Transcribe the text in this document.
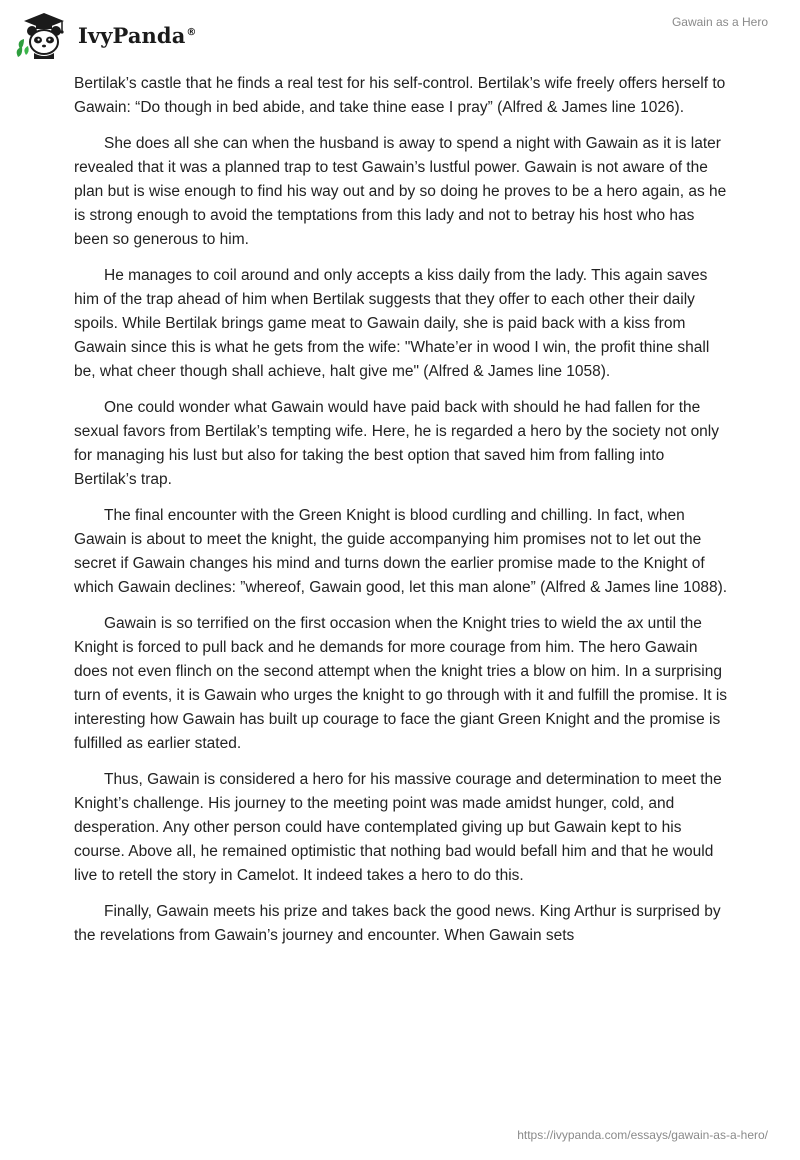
IvyPanda®
Gawain as a Hero

Bertilak’s castle that he finds a real test for his self-control. Bertilak’s wife freely offers herself to Gawain: “Do though in bed abide, and take thine ease I pray” (Alfred & James line 1026).

She does all she can when the husband is away to spend a night with Gawain as it is later revealed that it was a planned trap to test Gawain’s lustful power. Gawain is not aware of the plan but is wise enough to find his way out and by so doing he proves to be a hero again, as he is strong enough to avoid the temptations from this lady and not to betray his host who has been so generous to him.

He manages to coil around and only accepts a kiss daily from the lady. This again saves him of the trap ahead of him when Bertilak suggests that they offer to each other their daily spoils. While Bertilak brings game meat to Gawain daily, she is paid back with a kiss from Gawain since this is what he gets from the wife: "Whate’er in wood I win, the profit thine shall be, what cheer though shall achieve, halt give me" (Alfred & James line 1058).

One could wonder what Gawain would have paid back with should he had fallen for the sexual favors from Bertilak’s tempting wife. Here, he is regarded a hero by the society not only for managing his lust but also for taking the best option that saved him from falling into Bertilak’s trap.

The final encounter with the Green Knight is blood curdling and chilling. In fact, when Gawain is about to meet the knight, the guide accompanying him promises not to let out the secret if Gawain changes his mind and turns down the earlier promise made to the Knight of which Gawain declines: ”whereof, Gawain good, let this man alone” (Alfred & James line 1088).

Gawain is so terrified on the first occasion when the Knight tries to wield the ax until the Knight is forced to pull back and he demands for more courage from him. The hero Gawain does not even flinch on the second attempt when the knight tries a blow on him. In a surprising turn of events, it is Gawain who urges the knight to go through with it and fulfill the promise. It is interesting how Gawain has built up courage to face the giant Green Knight and the promise is fulfilled as earlier stated.

Thus, Gawain is considered a hero for his massive courage and determination to meet the Knight’s challenge. His journey to the meeting point was made amidst hunger, cold, and desperation. Any other person could have contemplated giving up but Gawain kept to his course. Above all, he remained optimistic that nothing bad would befall him and that he would live to retell the story in Camelot. It indeed takes a hero to do this.

Finally, Gawain meets his prize and takes back the good news. King Arthur is surprised by the revelations from Gawain’s journey and encounter. When Gawain sets

https://ivypanda.com/essays/gawain-as-a-hero/
